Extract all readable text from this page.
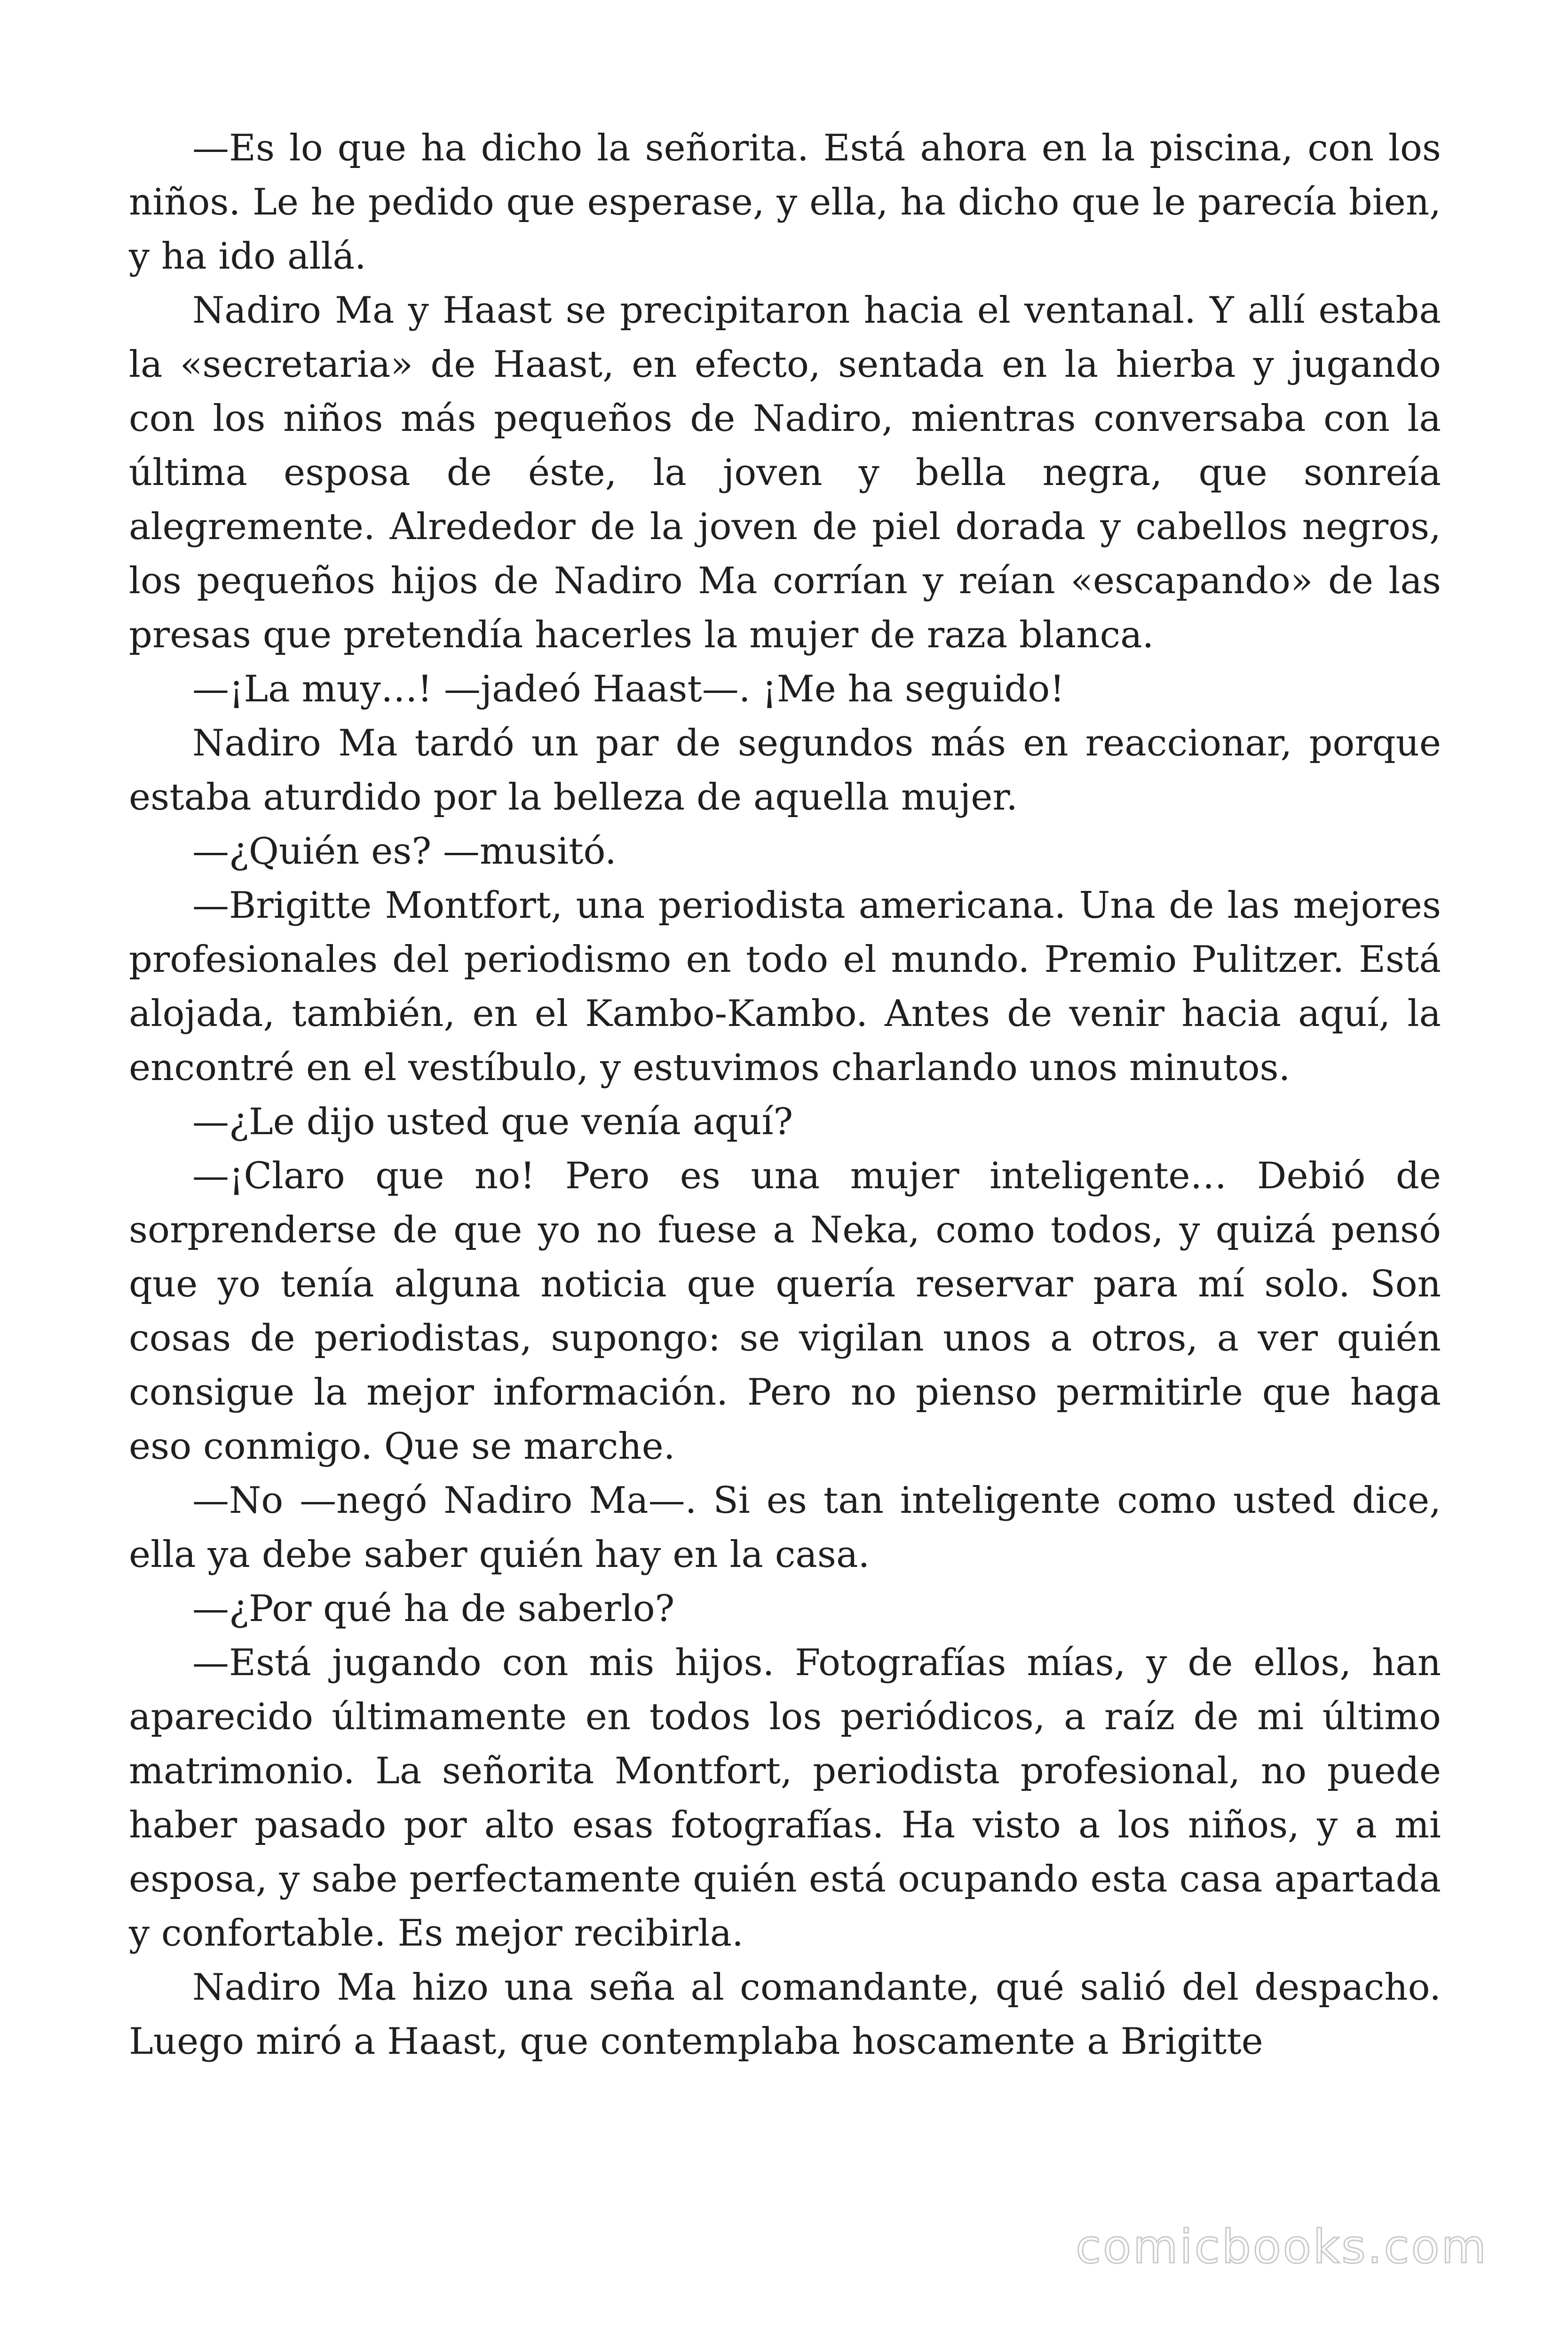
—Es lo que ha dicho la señorita. Está ahora en la piscina, con los niños. Le he pedido que esperase, y ella, ha dicho que le parecía bien, y ha ido allá.

Nadiro Ma y Haast se precipitaron hacia el ventanal. Y allí estaba la «secretaria» de Haast, en efecto, sentada en la hierba y jugando con los niños más pequeños de Nadiro, mientras conversaba con la última esposa de éste, la joven y bella negra, que sonreía alegremente. Alrededor de la joven de piel dorada y cabellos negros, los pequeños hijos de Nadiro Ma corrían y reían «escapando» de las presas que pretendía hacerles la mujer de raza blanca.

—¡La muy…! —jadeó Haast—. ¡Me ha seguido!

Nadiro Ma tardó un par de segundos más en reaccionar, porque estaba aturdido por la belleza de aquella mujer.

—¿Quién es? —musitó.

—Brigitte Montfort, una periodista americana. Una de las mejores profesionales del periodismo en todo el mundo. Premio Pulitzer. Está alojada, también, en el Kambo-Kambo. Antes de venir hacia aquí, la encontré en el vestíbulo, y estuvimos charlando unos minutos.

—¿Le dijo usted que venía aquí?

—¡Claro que no! Pero es una mujer inteligente… Debió de sorprenderse de que yo no fuese a Neka, como todos, y quizá pensó que yo tenía alguna noticia que quería reservar para mí solo. Son cosas de periodistas, supongo: se vigilan unos a otros, a ver quién consigue la mejor información. Pero no pienso permitirle que haga eso conmigo. Que se marche.

—No —negó Nadiro Ma—. Si es tan inteligente como usted dice, ella ya debe saber quién hay en la casa.

—¿Por qué ha de saberlo?

—Está jugando con mis hijos. Fotografías mías, y de ellos, han aparecido últimamente en todos los periódicos, a raíz de mi último matrimonio. La señorita Montfort, periodista profesional, no puede haber pasado por alto esas fotografías. Ha visto a los niños, y a mi esposa, y sabe perfectamente quién está ocupando esta casa apartada y confortable. Es mejor recibirla.

Nadiro Ma hizo una seña al comandante, qué salió del despacho. Luego miró a Haast, que contemplaba hoscamente a Brigitte

comicbooks.com
